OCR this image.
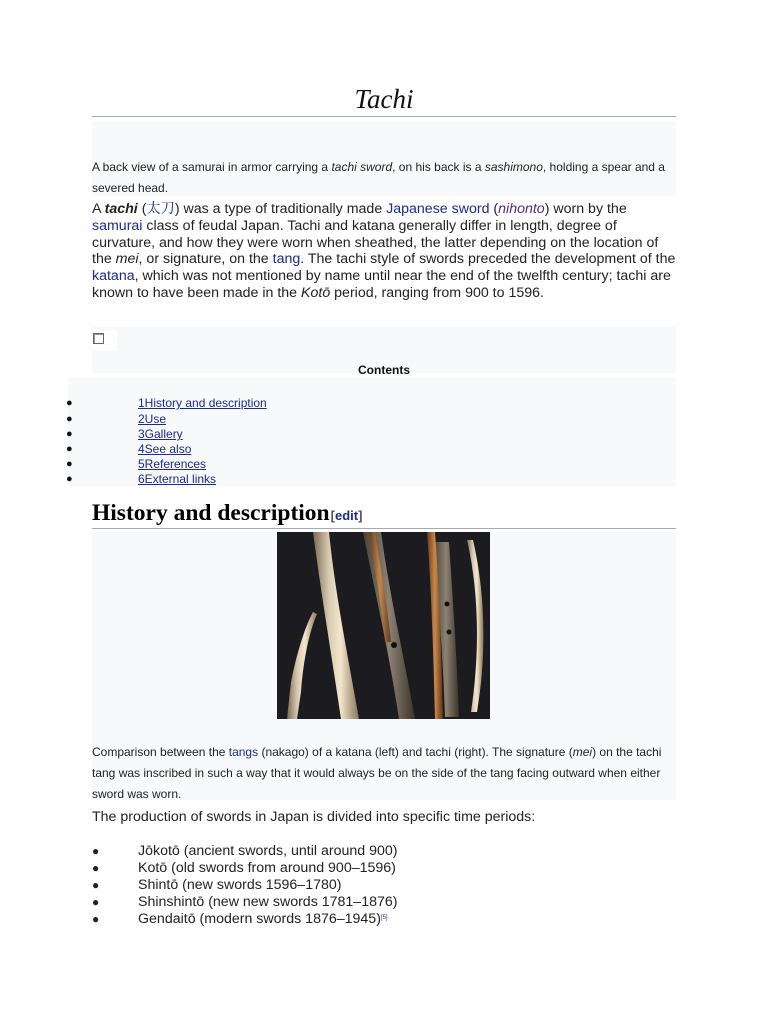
Tachi
A back view of a samurai in armor carrying a tachi sword, on his back is a sashimono, holding a spear and a severed head.
A tachi (太刀) was a type of traditionally made Japanese sword (nihonto) worn by the samurai class of feudal Japan. Tachi and katana generally differ in length, degree of curvature, and how they were worn when sheathed, the latter depending on the location of the mei, or signature, on the tang. The tachi style of swords preceded the development of the katana, which was not mentioned by name until near the end of the twelfth century; tachi are known to have been made in the Kotō period, ranging from 900 to 1596.
Contents
●	1History and description
●	2Use
●	3Gallery
●	4See also
●	5References
●	6External links
History and description[edit]
Comparison between the tangs (nakago) of a katana (left) and tachi (right). The signature (mei) on the tachi tang was inscribed in such a way that it would always be on the side of the tang facing outward when either sword was worn.
The production of swords in Japan is divided into specific time periods:
●	Jōkotō (ancient swords, until around 900)
●	Kotō (old swords from around 900–1596)
●	Shintō (new swords 1596–1780)
●	Shinshintō (new new swords 1781–1876)
●	Gendaitō (modern swords 1876–1945)[5]
